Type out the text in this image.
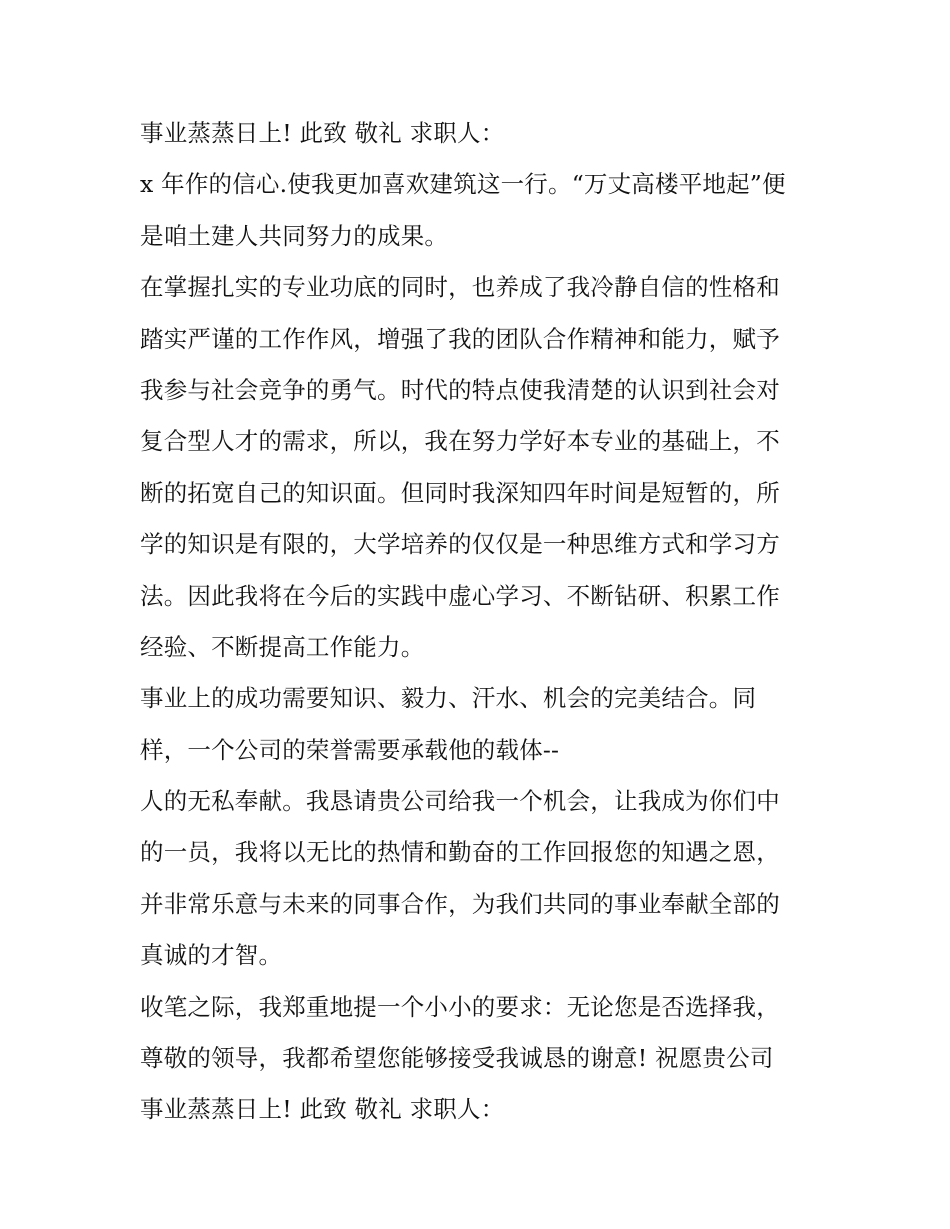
事业蒸蒸日上! 此致 敬礼 求职人：
x 年作的信心.使我更加喜欢建筑这一行。“万丈高楼平地起”便
是咱土建人共同努力的成果。
在掌握扎实的专业功底的同时，也养成了我冷静自信的性格和
踏实严谨的工作作风，增强了我的团队合作精神和能力，赋予
我参与社会竞争的勇气。时代的特点使我清楚的认识到社会对
复合型人才的需求，所以，我在努力学好本专业的基础上，不
断的拓宽自己的知识面。但同时我深知四年时间是短暂的，所
学的知识是有限的，大学培养的仅仅是一种思维方式和学习方
法。因此我将在今后的实践中虚心学习、不断钻研、积累工作
经验、不断提高工作能力。
事业上的成功需要知识、毅力、汗水、机会的完美结合。同
样，一个公司的荣誉需要承载他的载体--
人的无私奉献。我恳请贵公司给我一个机会，让我成为你们中
的一员，我将以无比的热情和勤奋的工作回报您的知遇之恩，
并非常乐意与未来的同事合作，为我们共同的事业奉献全部的
真诚的才智。
收笔之际，我郑重地提一个小小的要求：无论您是否选择我，
尊敬的领导，我都希望您能够接受我诚恳的谢意! 祝愿贵公司
事业蒸蒸日上! 此致 敬礼 求职人：
